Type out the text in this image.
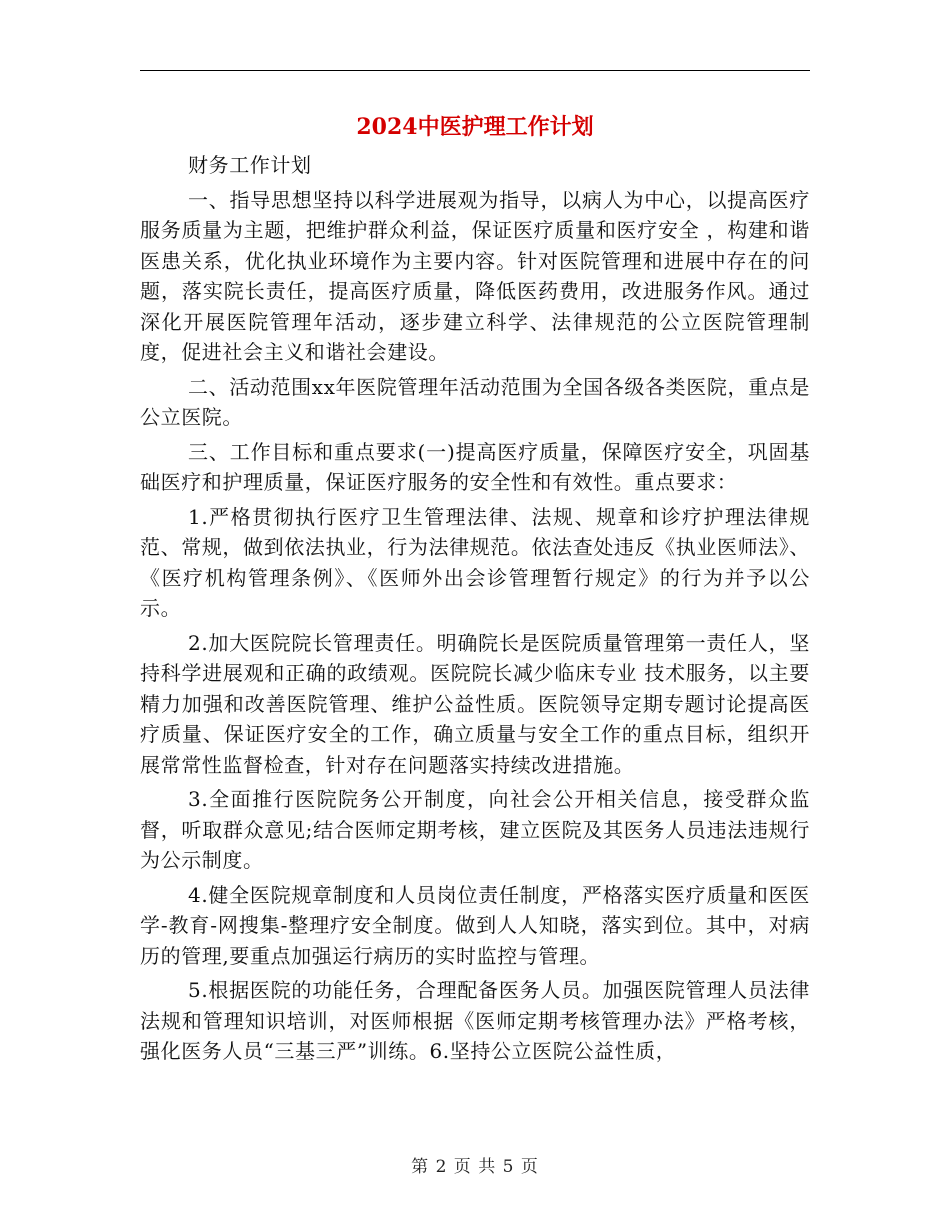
2024中医护理工作计划

财务工作计划

一、指导思想坚持以科学进展观为指导，以病人为中心，以提高医疗服务质量为主题，把维护群众利益，保证医疗质量和医疗安全 ，构建和谐医患关系，优化执业环境作为主要内容。针对医院管理和进展中存在的问题，落实院长责任，提高医疗质量，降低医药费用，改进服务作风。通过深化开展医院管理年活动，逐步建立科学、法律规范的公立医院管理制度，促进社会主义和谐社会建设。

二、活动范围xx年医院管理年活动范围为全国各级各类医院，重点是公立医院。

三、工作目标和重点要求(一)提高医疗质量，保障医疗安全，巩固基础医疗和护理质量，保证医疗服务的安全性和有效性。重点要求：

1.严格贯彻执行医疗卫生管理法律、法规、规章和诊疗护理法律规范、常规，做到依法执业，行为法律规范。依法查处违反《执业医师法》、《医疗机构管理条例》、《医师外出会诊管理暂行规定》的行为并予以公示。

2.加大医院院长管理责任。明确院长是医院质量管理第一责任人，坚持科学进展观和正确的政绩观。医院院长减少临床专业 技术服务，以主要精力加强和改善医院管理、维护公益性质。医院领导定期专题讨论提高医疗质量、保证医疗安全的工作，确立质量与安全工作的重点目标，组织开展常常性监督检查，针对存在问题落实持续改进措施。

3.全面推行医院院务公开制度，向社会公开相关信息，接受群众监督，听取群众意见;结合医师定期考核，建立医院及其医务人员违法违规行为公示制度。

4.健全医院规章制度和人员岗位责任制度，严格落实医疗质量和医医学-教育-网搜集-整理疗安全制度。做到人人知晓，落实到位。其中，对病历的管理,要重点加强运行病历的实时监控与管理。

5.根据医院的功能任务，合理配备医务人员。加强医院管理人员法律法规和管理知识培训，对医师根据《医师定期考核管理办法》严格考核，强化医务人员“三基三严”训练。6.坚持公立医院公益性质，

第 2 页 共 5 页
